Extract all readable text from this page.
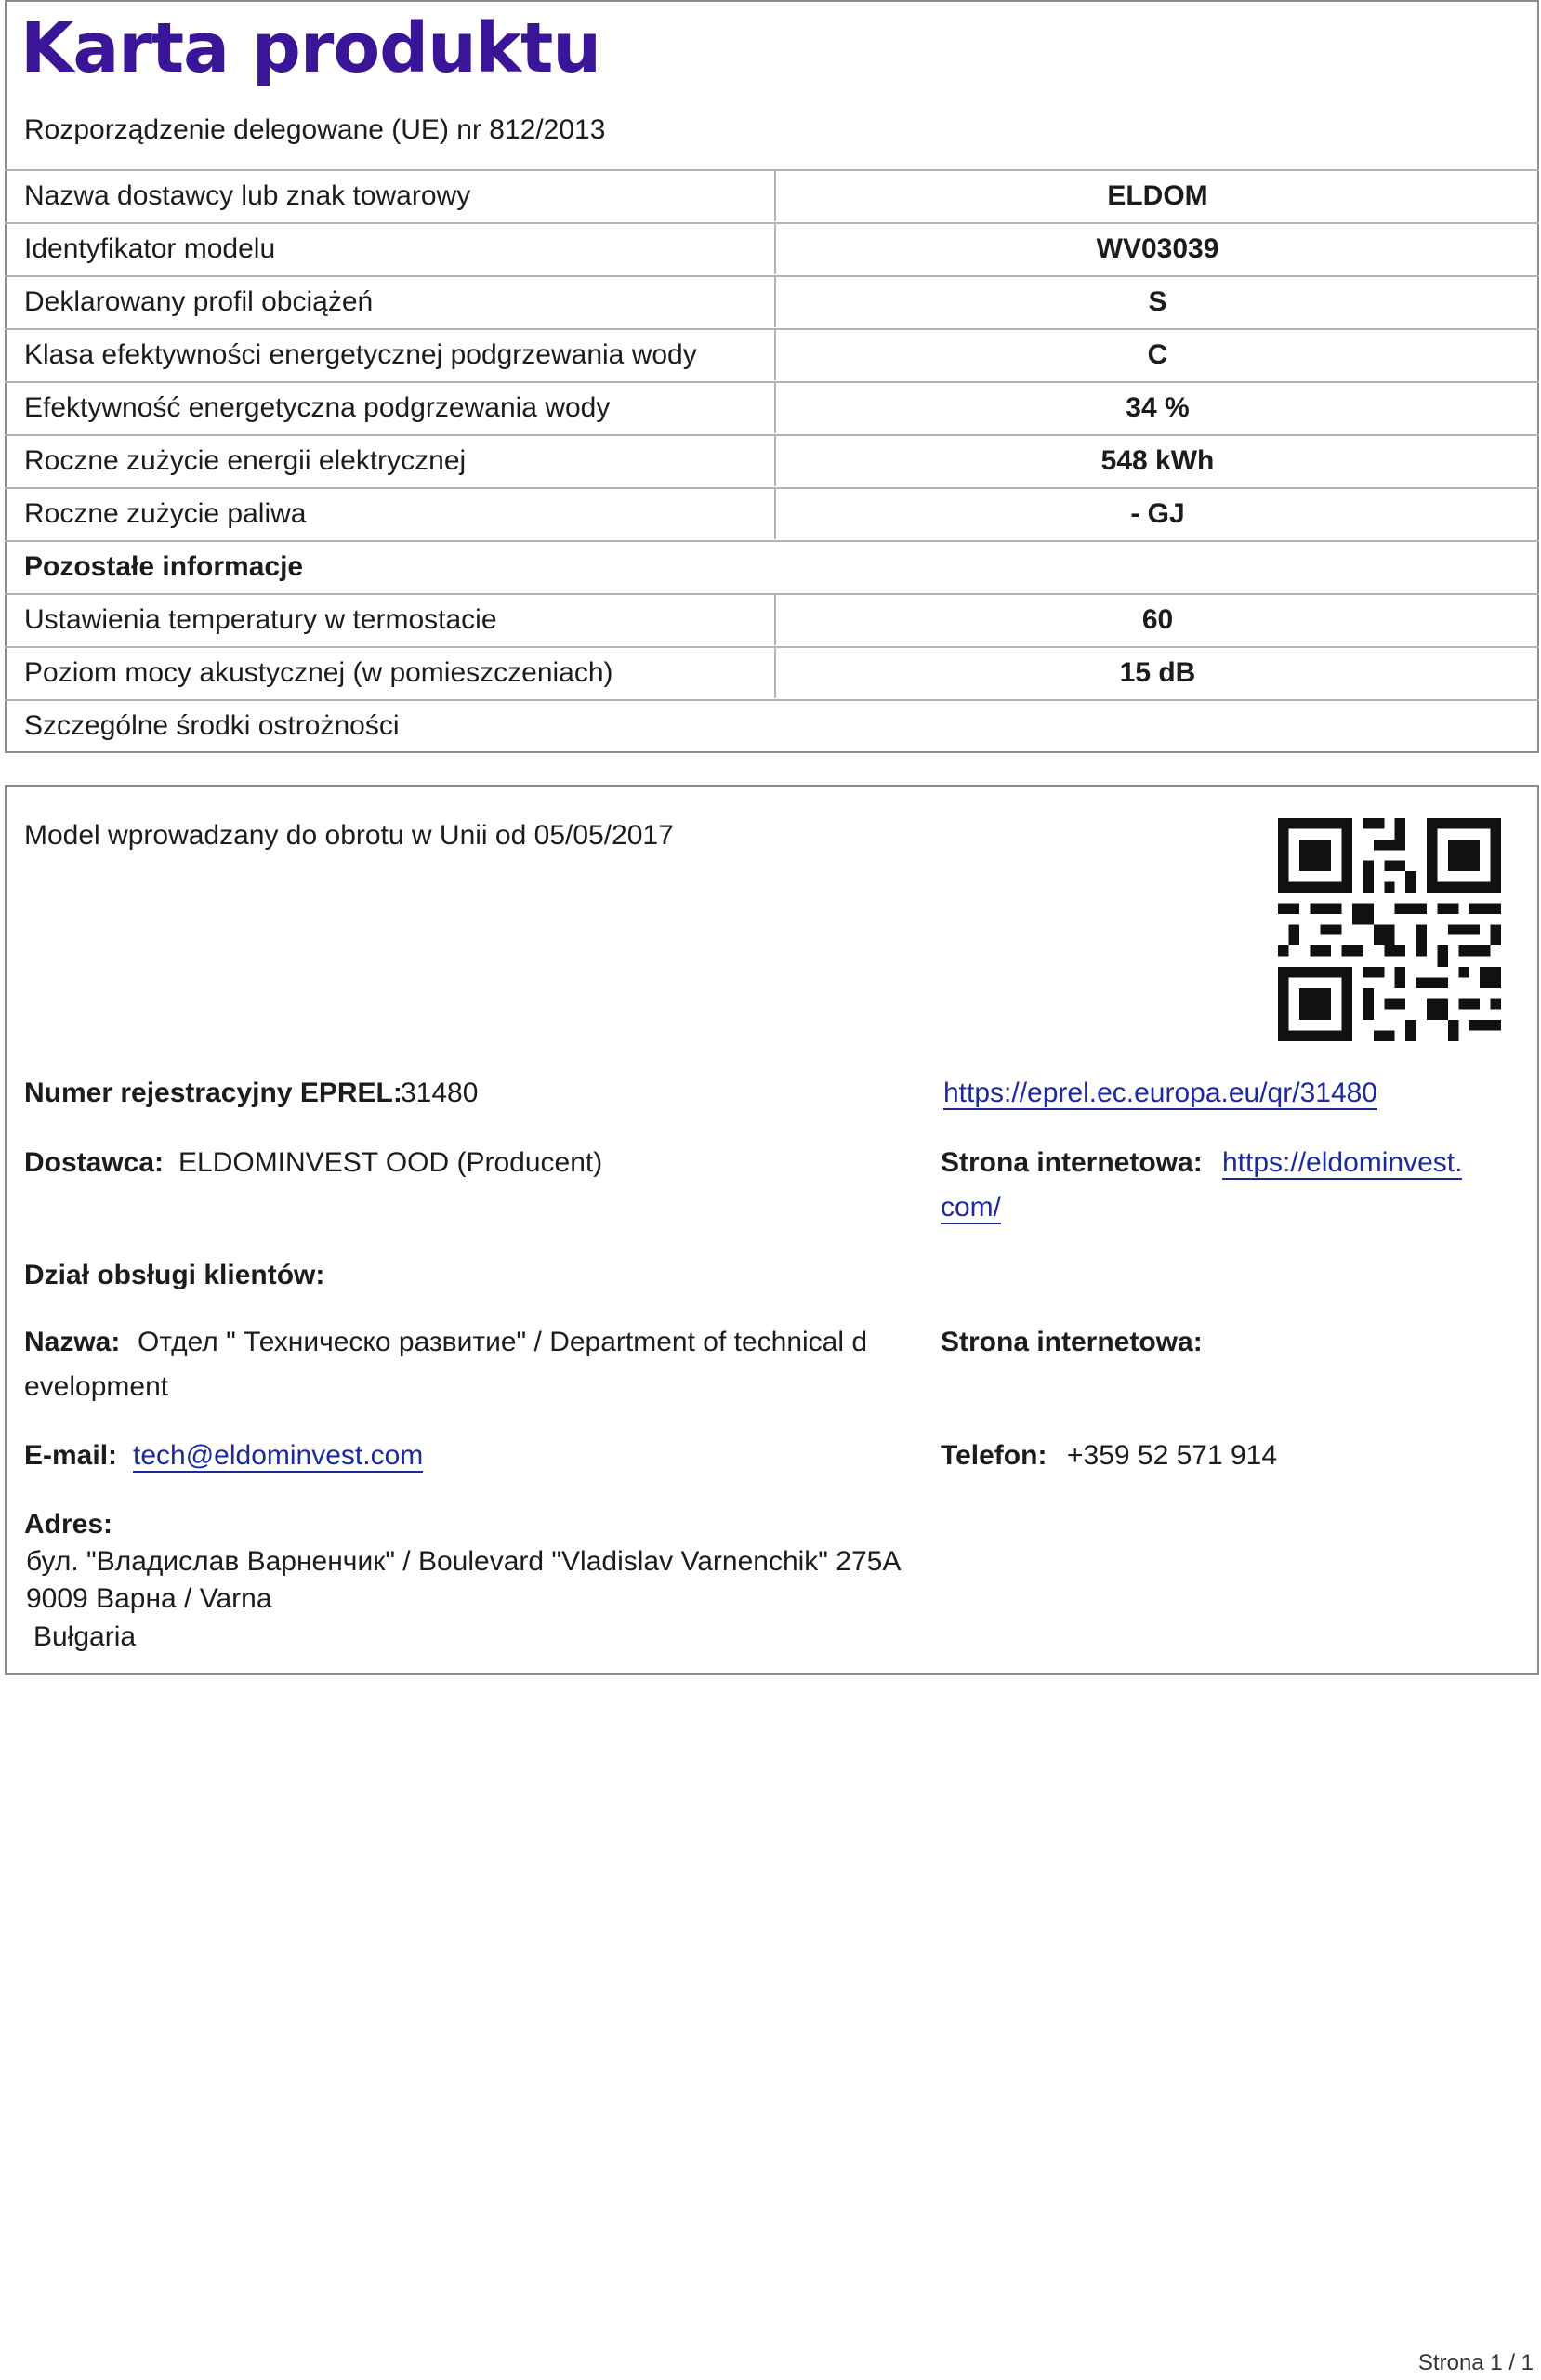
Karta produktu
Rozporządzenie delegowane (UE) nr 812/2013
Nazwa dostawcy lub znak towarowy	ELDOM
Identyfikator modelu	WV03039
Deklarowany profil obciążeń	S
Klasa efektywności energetycznej podgrzewania wody	C
Efektywność energetyczna podgrzewania wody	34 %
Roczne zużycie energii elektrycznej	548 kWh
Roczne zużycie paliwa	- GJ
Pozostałe informacje
Ustawienia temperatury w termostacie	60
Poziom mocy akustycznej (w pomieszczeniach)	15 dB
Szczególne środki ostrożności
Model wprowadzany do obrotu w Unii od 05/05/2017
Numer rejestracyjny EPREL:
31480	https://eprel.ec.europa.eu/qr/31480
Dostawca: ELDOMINVEST OOD (Producent)	Strona internetowa: https://eldominvest.
com/
Dział obsługi klientów:
Nazwa: Отдел " Техническо развитие" / Department of technical d
evelopment
Strona internetowa:
E-mail: tech@eldominvest.com	Telefon: +359 52 571 914
Adres:
бул. "Владислав Варненчик" / Boulevard "Vladislav Varnenchik" 275A
9009 Варна / Varna
Bułgaria
Strona 1 / 1
